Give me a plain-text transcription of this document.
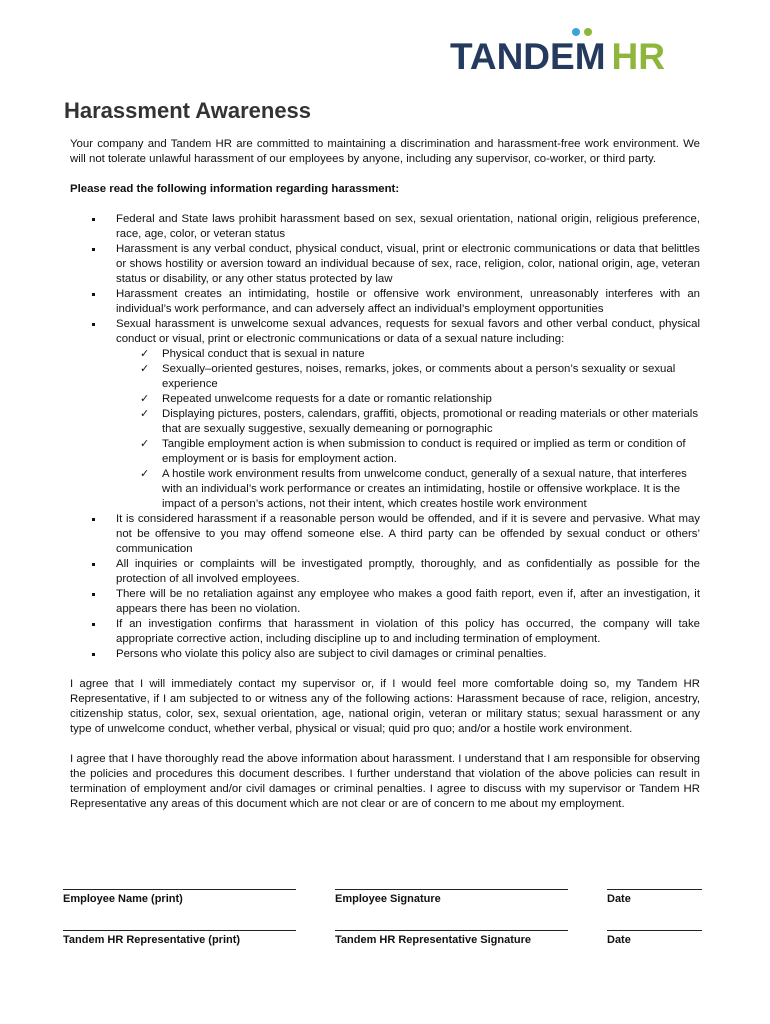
TANDEM HR
Harassment Awareness

Your company and Tandem HR are committed to maintaining a discrimination and harassment-free work environment. We will not tolerate unlawful harassment of our employees by anyone, including any supervisor, co-worker, or third party.

Please read the following information regarding harassment:

Federal and State laws prohibit harassment based on sex, sexual orientation, national origin, religious preference, race, age, color, or veteran status
Harassment is any verbal conduct, physical conduct, visual, print or electronic communications or data that belittles or shows hostility or aversion toward an individual because of sex, race, religion, color, national origin, age, veteran status or disability, or any other status protected by law
Harassment creates an intimidating, hostile or offensive work environment, unreasonably interferes with an individual’s work performance, and can adversely affect an individual’s employment opportunities
Sexual harassment is unwelcome sexual advances, requests for sexual favors and other verbal conduct, physical conduct or visual, print or electronic communications or data of a sexual nature including:
✓ Physical conduct that is sexual in nature
✓ Sexually–oriented gestures, noises, remarks, jokes, or comments about a person’s sexuality or sexual experience
✓ Repeated unwelcome requests for a date or romantic relationship
✓ Displaying pictures, posters, calendars, graffiti, objects, promotional or reading materials or other materials that are sexually suggestive, sexually demeaning or pornographic
✓ Tangible employment action is when submission to conduct is required or implied as term or condition of employment or is basis for employment action.
✓ A hostile work environment results from unwelcome conduct, generally of a sexual nature, that interferes with an individual’s work performance or creates an intimidating, hostile or offensive workplace. It is the impact of a person’s actions, not their intent, which creates hostile work environment
It is considered harassment if a reasonable person would be offended, and if it is severe and pervasive. What may not be offensive to you may offend someone else. A third party can be offended by sexual conduct or others’ communication
All inquiries or complaints will be investigated promptly, thoroughly, and as confidentially as possible for the protection of all involved employees.
There will be no retaliation against any employee who makes a good faith report, even if, after an investigation, it appears there has been no violation.
If an investigation confirms that harassment in violation of this policy has occurred, the company will take appropriate corrective action, including discipline up to and including termination of employment.
Persons who violate this policy also are subject to civil damages or criminal penalties.

I agree that I will immediately contact my supervisor or, if I would feel more comfortable doing so, my Tandem HR Representative, if I am subjected to or witness any of the following actions: Harassment because of race, religion, ancestry, citizenship status, color, sex, sexual orientation, age, national origin, veteran or military status; sexual harassment or any type of unwelcome conduct, whether verbal, physical or visual; quid pro quo; and/or a hostile work environment.

I agree that I have thoroughly read the above information about harassment. I understand that I am responsible for observing the policies and procedures this document describes. I further understand that violation of the above policies can result in termination of employment and/or civil damages or criminal penalties. I agree to discuss with my supervisor or Tandem HR Representative any areas of this document which are not clear or are of concern to me about my employment.

Employee Name (print)	Employee Signature	Date
Tandem HR Representative (print)	Tandem HR Representative Signature	Date
